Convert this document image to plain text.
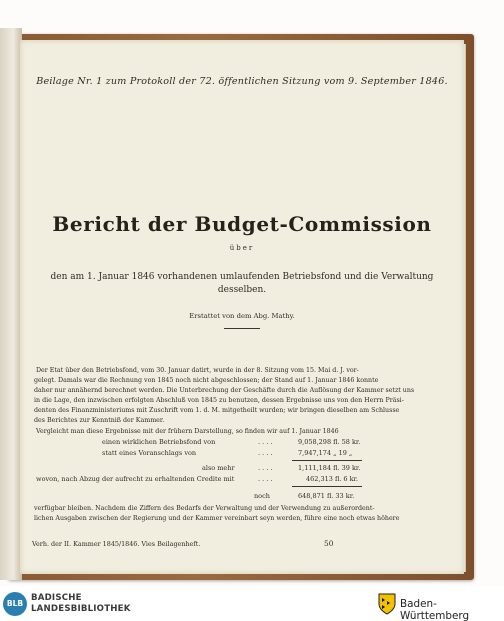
Beilage Nr. 1 zum Protokoll der 72. öffentlichen Sitzung vom 9. September 1846.
Bericht der Budget-Commission
über
den am 1. Januar 1846 vorhandenen umlaufenden Betriebsfond und die Verwaltung
desselben.
Erstattet von dem Abg. Mathy.
Der Etat über den Betriebsfond, vom 30. Januar datirt, wurde in der 8. Sitzung vom 15. Mai d. J. vor-
gelegt. Damals war die Rechnung von 1845 noch nicht abgeschlossen; der Stand auf 1. Januar 1846 konnte
daher nur annähernd berechnet werden. Die Unterbrechung der Geschäfte durch die Auflösung der Kammer setzt uns
in die Lage, den inzwischen erfolgten Abschluß von 1845 zu benutzen, dessen Ergebnisse uns von den Herrn Präsi-
denten des Finanzministeriums mit Zuschrift vom 1. d. M. mitgetheilt wurden; wir bringen dieselben am Schlusse
des Berichtes zur Kenntniß der Kammer.
Vergleicht man diese Ergebnisse mit der frühern Darstellung, so finden wir auf 1. Januar 1846
einen wirklichen Betriebsfond von	. . . .	9,058,298 fl. 58 kr.
statt eines Voranschlags von	. . . .	7,947,174 „ 19 „
also mehr	. . . .	1,111,184 fl. 39 kr.
wovon, nach Abzug der aufrecht zu erhaltenden Credite mit	. . . .	462,313 fl. 6 kr.
noch	648,871 fl. 33 kr.
verfügbar bleiben. Nachdem die Ziffern des Bedarfs der Verwaltung und der Verwendung zu außerordent-
lichen Ausgaben zwischen der Regierung und der Kammer vereinbart seyn werden, führe eine noch etwas höhere
Verh. der II. Kammer 1845/1846. Vies Beilagenheft.	50
BLB
BADISCHE
LANDESBIBLIOTHEK	Baden-Württemberg
